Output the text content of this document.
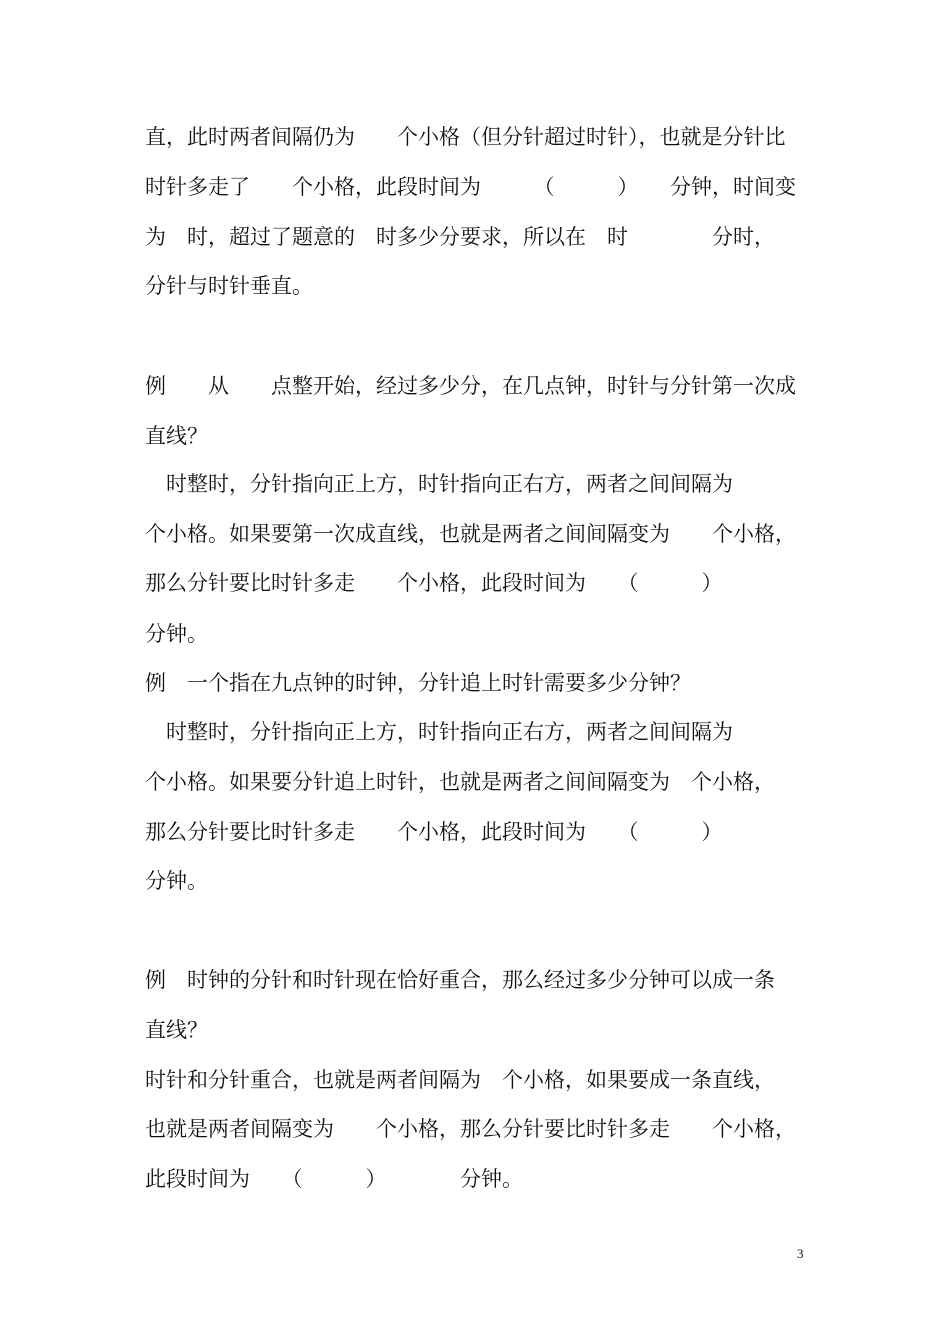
直，此时两者间隔仍为　　个小格（但分针超过时针），也就是分针比
时针多走了　　个小格，此段时间为　　　（　　　）　　分钟，时间变
为　时，超过了题意的　时多少分要求，所以在　时　　　　分时，
分针与时针垂直。
例　　从　　点整开始，经过多少分，在几点钟，时针与分针第一次成
直线？
　时整时，分针指向正上方，时针指向正右方，两者之间间隔为
个小格。如果要第一次成直线，也就是两者之间间隔变为　　个小格，
那么分针要比时针多走　　个小格，此段时间为　　（　　　）
分钟。
例　一个指在九点钟的时钟，分针追上时针需要多少分钟？
　时整时，分针指向正上方，时针指向正右方，两者之间间隔为
个小格。如果要分针追上时针，也就是两者之间间隔变为　个小格，
那么分针要比时针多走　　个小格，此段时间为　　（　　　）
分钟。
例　时钟的分针和时针现在恰好重合，那么经过多少分钟可以成一条
直线？
时针和分针重合，也就是两者间隔为　个小格，如果要成一条直线，
也就是两者间隔变为　　个小格，那么分针要比时针多走　　个小格，
此段时间为　　（　　　）　　　　分钟。
3
